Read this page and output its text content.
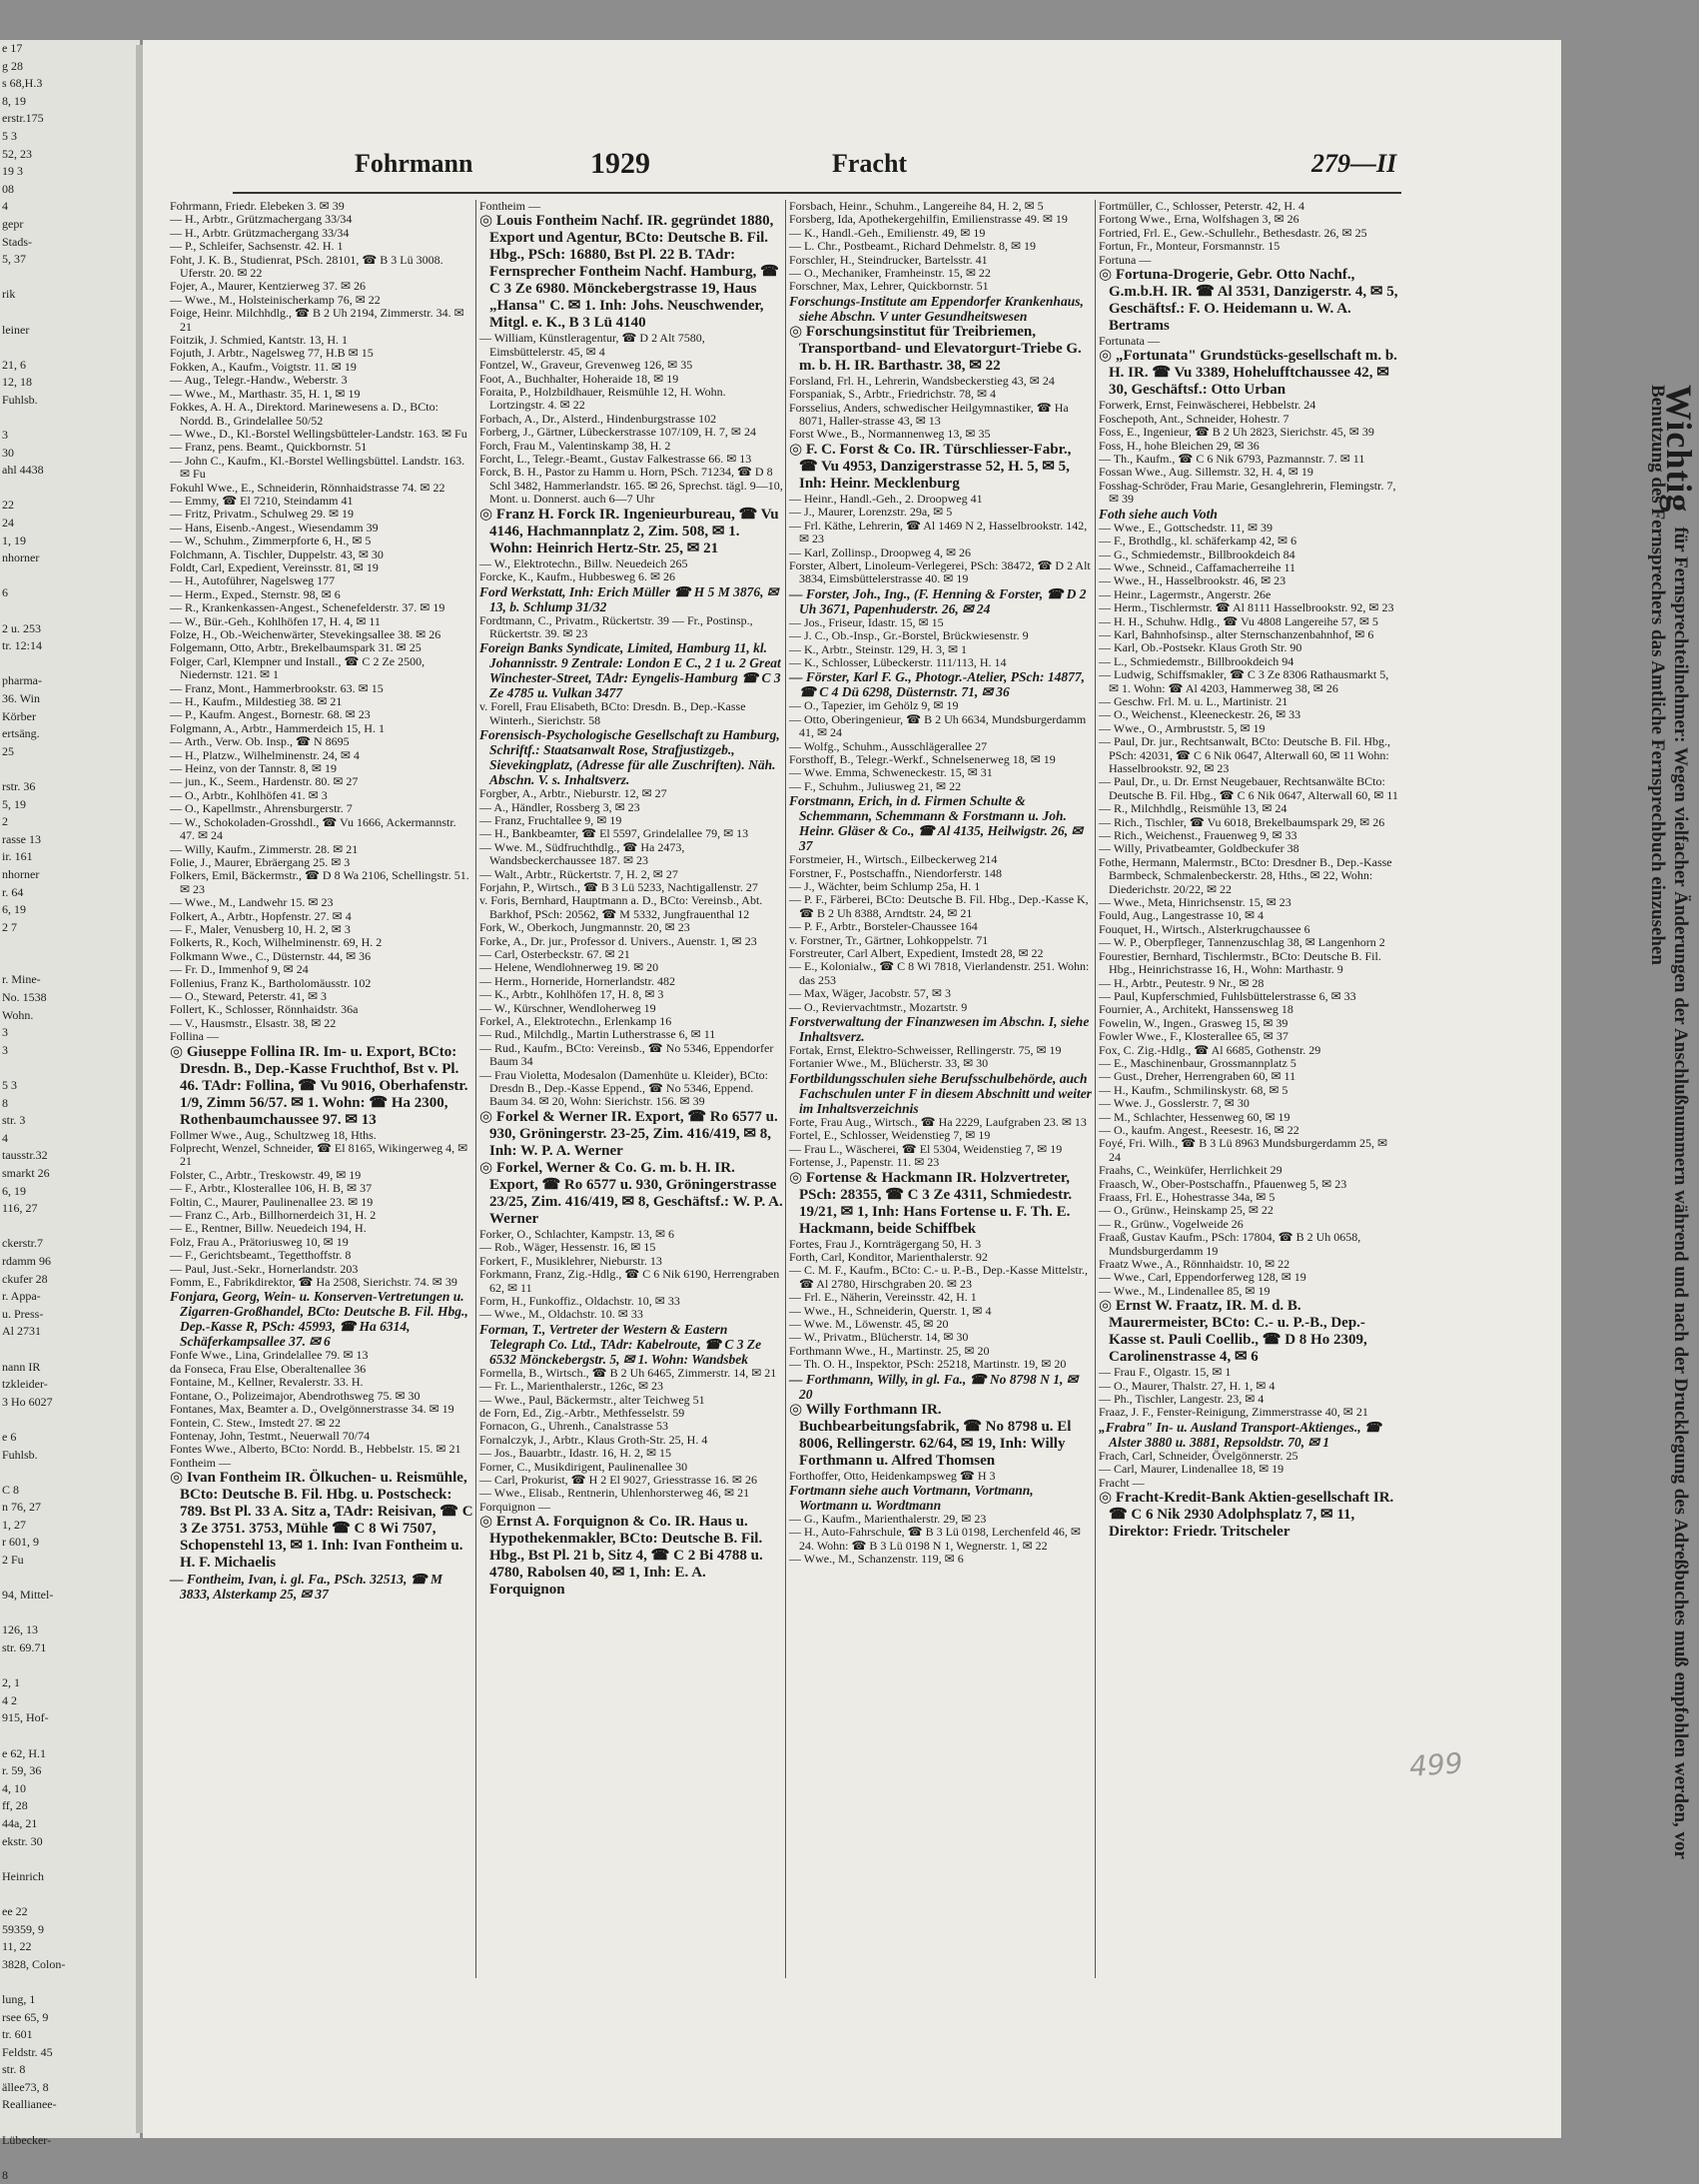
e 17
g 28
s 68,H.3
8, 19
erstr.175
5 3
52, 23
19 3
08
4
gepr
Stads-
5, 37

rik

leiner

21, 6
12, 18
Fuhlsb.

3
30
ahl 4438

22
24
1, 19
nhorner

6

2 u. 253
tr. 12:14

pharma-
36. Win
Körber
ertsäng.
25

rstr. 36
5, 19
2
rasse 13
ir. 161
nhorner
r. 64
6, 19
2 7

r. Mine-
No. 1538
Wohn.
3
3

5 3
8
str. 3
4
tausstr.32
smarkt 26
6, 19
116, 27

ckerstr.7
rdamm 96
ckufer 28
r. Appa-
u. Press-
Al 2731

nann IR
tzkleider-
3 Ho 6027

e 6
Fuhlsb.

C 8
n 76, 27
1, 27
r 601, 9
2 Fu

94, Mittel-

126, 13
str. 69.71

2, 1
4 2
915, Hof-

e 62, H.1
r. 59, 36
4, 10
ff, 28
44a, 21
ekstr. 30

Heinrich

ee 22
59359, 9
11, 22
3828, Colon-

lung, 1
rsee 65, 9
tr. 601
Feldstr. 45
str. 8
ällee73, 8
Reallianee-

Lübecker-

8
Fohrmann	1929	Fracht	279—II
Fohrmann, Friedr. Elebeken 3. ✉ 39
— H., Arbtr., Grützmachergang 33/34
— H., Arbtr. Grützmachergang 33/34
— P., Schleifer, Sachsenstr. 42. H. 1
Foht, J. K. B., Studienrat, PSch. 28101, ☎ B 3 Lü 3008. Uferstr. 20. ✉ 22
Fojer, A., Maurer, Kentzierweg 37. ✉ 26
— Wwe., M., Holsteinischerkamp 76, ✉ 22
Foige, Heinr. Milchhdlg., ☎ B 2 Uh 2194, Zimmerstr. 34. ✉ 21
Foitzik, J. Schmied, Kantstr. 13, H. 1
Fojuth, J. Arbtr., Nagelsweg 77, H.B ✉ 15
Fokken, A., Kaufm., Voigtstr. 11. ✉ 19
— Aug., Telegr.-Handw., Weberstr. 3
— Wwe., M., Marthastr. 35, H. 1, ✉ 19
Fokkes, A. H. A., Direktord. Marinewesens a. D., BCto: Nordd. B., Grindelallee 50/52
— Wwe., D., Kl.-Borstel Wellingsbütteler-Landstr. 163. ✉ Fu
— Franz, pens. Beamt., Quickbornstr. 51
— John C., Kaufm., Kl.-Borstel Wellingsbüttel. Landstr. 163. ✉ Fu
Fokuhl Wwe., E., Schneiderin, Rönnhaidstrasse 74. ✉ 22
— Emmy, ☎ El 7210, Steindamm 41
— Fritz, Privatm., Schulweg 29. ✉ 19
— Hans, Eisenb.-Angest., Wiesendamm 39
— W., Schuhm., Zimmerpforte 6, H., ✉ 5
Folchmann, A. Tischler, Duppelstr. 43, ✉ 30
Foldt, Carl, Expedient, Vereinsstr. 81, ✉ 19
— H., Autoführer, Nagelsweg 177
— Herm., Exped., Sternstr. 98, ✉ 6
— R., Krankenkassen-Angest., Schenefelderstr. 37. ✉ 19
— W., Bür.-Geh., Kohlhöfen 17, H. 4, ✉ 11
Folze, H., Ob.-Weichenwärter, Stevekingsallee 38. ✉ 26
Folgemann, Otto, Arbtr., Brekelbaumspark 31. ✉ 25
Folger, Carl, Klempner und Install., ☎ C 2 Ze 2500, Niedernstr. 121. ✉ 1
— Franz, Mont., Hammerbrookstr. 63. ✉ 15
— H., Kaufm., Mildestieg 38. ✉ 21
— P., Kaufm. Angest., Bornestr. 68. ✉ 23
Folgmann, A., Arbtr., Hammerdeich 15, H. 1
— Arth., Verw. Ob. Insp., ☎ N 8695
— H., Platzw., Wilhelminenstr. 24, ✉ 4
— Heinz, von der Tannstr. 8, ✉ 19
— jun., K., Seem., Hardenstr. 80. ✉ 27
— O., Arbtr., Kohlhöfen 41. ✉ 3
— O., Kapellmstr., Ahrensburgerstr. 7
— W., Schokoladen-Grosshdl., ☎ Vu 1666, Ackermannstr. 47. ✉ 24
— Willy, Kaufm., Zimmerstr. 28. ✉ 21
Folie, J., Maurer, Ebräergang 25. ✉ 3
Folkers, Emil, Bäckermstr., ☎ D 8 Wa 2106, Schellingstr. 51. ✉ 23
— Wwe., M., Landwehr 15. ✉ 23
Folkert, A., Arbtr., Hopfenstr. 27. ✉ 4
— F., Maler, Venusberg 10, H. 2, ✉ 3
Folkerts, R., Koch, Wilhelminenstr. 69, H. 2
Folkmann Wwe., C., Düsternstr. 44, ✉ 36
— Fr. D., Immenhof 9, ✉ 24
Follenius, Franz K., Bartholomäusstr. 102
— O., Steward, Peterstr. 41, ✉ 3
Follert, K., Schlosser, Rönnhaidstr. 36a
— V., Hausmstr., Elsastr. 38, ✉ 22
Follina —
◎ Giuseppe Follina IR. Im- u. Export, BCto: Dresdn. B., Dep.-Kasse Fruchthof, Bst v. Pl. 46. TAdr: Follina, ☎ Vu 9016, Oberhafenstr. 1/9, Zimm 56/57. ✉ 1. Wohn: ☎ Ha 2300, Rothenbaumchaussee 97. ✉ 13
Follmer Wwe., Aug., Schultzweg 18, Hths.
Folprecht, Wenzel, Schneider, ☎ El 8165, Wikingerweg 4, ✉ 21
Folster, C., Arbtr., Treskowstr. 49, ✉ 19
— F., Arbtr., Klosterallee 106, H. B, ✉ 37
Foltin, C., Maurer, Paulinenallee 23. ✉ 19
— Franz C., Arb., Billhornerdeich 31, H. 2
— E., Rentner, Billw. Neuedeich 194, H.
Folz, Frau A., Prätoriusweg 10, ✉ 19
— F., Gerichtsbeamt., Tegetthoffstr. 8
— Paul, Just.-Sekr., Hornerlandstr. 203
Fomm, E., Fabrikdirektor, ☎ Ha 2508, Sierichstr. 74. ✉ 39
Fonjara, Georg, Wein- u. Konserven-Vertretungen u. Zigarren-Großhandel, BCto: Deutsche B. Fil. Hbg., Dep.-Kasse R, PSch: 45993, ☎ Ha 6314, Schäferkampsallee 37. ✉ 6
Fonfe Wwe., Lina, Grindelallee 79. ✉ 13
da Fonseca, Frau Else, Oberaltenallee 36
Fontaine, M., Kellner, Revalerstr. 33. H.
Fontane, O., Polizeimajor, Abendrothsweg 75. ✉ 30
Fontanes, Max, Beamter a. D., Ovelgönnerstrasse 34. ✉ 19
Fontein, C. Stew., Imstedt 27. ✉ 22
Fontenay, John, Testmt., Neuerwall 70/74
Fontes Wwe., Alberto, BCto: Nordd. B., Hebbelstr. 15. ✉ 21
Fontheim —
◎ Ivan Fontheim IR. Ölkuchen- u. Reismühle, BCto: Deutsche B. Fil. Hbg. u. Postscheck: 789. Bst Pl. 33 A. Sitz a, TAdr: Reisivan, ☎ C 3 Ze 3751. 3753, Mühle ☎ C 8 Wi 7507, Schopenstehl 13, ✉ 1. Inh: Ivan Fontheim u. H. F. Michaelis
— Fontheim, Ivan, i. gl. Fa., PSch. 32513, ☎ M 3833, Alsterkamp 25, ✉ 37
Fontheim —
◎ Louis Fontheim Nachf. IR. gegründet 1880, Export und Agentur, BCto: Deutsche B. Fil. Hbg., PSch: 16880, Bst Pl. 22 B. TAdr: Fernsprecher Fontheim Nachf. Hamburg, ☎ C 3 Ze 6980. Mönckebergstrasse 19, Haus „Hansa" C. ✉ 1. Inh: Johs. Neuschwender, Mitgl. e. K., B 3 Lü 4140
— William, Künstleragentur, ☎ D 2 Alt 7580, Eimsbüttelerstr. 45, ✉ 4
Fontzel, W., Graveur, Grevenweg 126, ✉ 35
Foot, A., Buchhalter, Hoheraide 18, ✉ 19
Foraita, P., Holzbildhauer, Reismühle 12, H. Wohn. Lortzingstr. 4. ✉ 22
Forbach, A., Dr., Alsterd., Hindenburgstrasse 102
Forberg, J., Gärtner, Lübeckerstrasse 107/109, H. 7, ✉ 24
Forch, Frau M., Valentinskamp 38, H. 2
Forcht, L., Telegr.-Beamt., Gustav Falkestrasse 66. ✉ 13
Forck, B. H., Pastor zu Hamm u. Horn, PSch. 71234, ☎ D 8 Schl 3482, Hammerlandstr. 165. ✉ 26, Sprechst. tägl. 9—10, Mont. u. Donnerst. auch 6—7 Uhr
◎ Franz H. Forck IR. Ingenieurbureau, ☎ Vu 4146, Hachmannplatz 2, Zim. 508, ✉ 1. Wohn: Heinrich Hertz-Str. 25, ✉ 21
— W., Elektrotechn., Billw. Neuedeich 265
Forcke, K., Kaufm., Hubbesweg 6. ✉ 26
Ford Werkstatt, Inh: Erich Müller ☎ H 5 M 3876, ✉ 13, b. Schlump 31/32
Fordtmann, C., Privatm., Rückertstr. 39 — Fr., Postinsp., Rückertstr. 39. ✉ 23
Foreign Banks Syndicate, Limited, Hamburg 11, kl. Johannisstr. 9 Zentrale: London E C., 2 1 u. 2 Great Winchester-Street, TAdr: Eyngelis-Hamburg ☎ C 3 Ze 4785 u. Vulkan 3477
v. Forell, Frau Elisabeth, BCto: Dresdn. B., Dep.-Kasse Winterh., Sierichstr. 58
Forensisch-Psychologische Gesellschaft zu Hamburg, Schriftf.: Staatsanwalt Rose, Strafjustizgeb., Sievekingplatz, (Adresse für alle Zuschriften). Näh. Abschn. V. s. Inhaltsverz.
Forgber, A., Arbtr., Nieburstr. 12, ✉ 27
— A., Händler, Rossberg 3, ✉ 23
— Franz, Fruchtallee 9, ✉ 19
— H., Bankbeamter, ☎ El 5597, Grindelallee 79, ✉ 13
— Wwe. M., Südfruchthdlg., ☎ Ha 2473, Wandsbeckerchaussee 187. ✉ 23
— Walt., Arbtr., Rückertstr. 7, H. 2, ✉ 27
Forjahn, P., Wirtsch., ☎ B 3 Lü 5233, Nachtigallenstr. 27
v. Foris, Bernhard, Hauptmann a. D., BCto: Vereinsb., Abt. Barkhof, PSch: 20562, ☎ M 5332, Jungfrauenthal 12
Fork, W., Oberkoch, Jungmannstr. 20, ✉ 23
Forke, A., Dr. jur., Professor d. Univers., Auenstr. 1, ✉ 23
— Carl, Osterbeckstr. 67. ✉ 21
— Helene, Wendlohnerweg 19. ✉ 20
— Herm., Horneride, Hornerlandstr. 482
— K., Arbtr., Kohlhöfen 17, H. 8, ✉ 3
— W., Kürschner, Wendloherweg 19
Forkel, A., Elektrotechn., Erlenkamp 16
— Rud., Milchdlg., Martin Lutherstrasse 6, ✉ 11
— Rud., Kaufm., BCto: Vereinsb., ☎ No 5346, Eppendorfer Baum 34
— Frau Violetta, Modesalon (Damenhüte u. Kleider), BCto: Dresdn B., Dep.-Kasse Eppend., ☎ No 5346, Eppend. Baum 34. ✉ 20, Wohn: Sierichstr. 156. ✉ 39
◎ Forkel & Werner IR. Export, ☎ Ro 6577 u. 930, Gröningerstr. 23-25, Zim. 416/419, ✉ 8, Inh: W. P. A. Werner
◎ Forkel, Werner & Co. G. m. b. H. IR. Export, ☎ Ro 6577 u. 930, Gröningerstrasse 23/25, Zim. 416/419, ✉ 8, Geschäftsf.: W. P. A. Werner
Forker, O., Schlachter, Kampstr. 13, ✉ 6
— Rob., Wäger, Hessenstr. 16, ✉ 15
Forkert, F., Musiklehrer, Nieburstr. 13
Forkmann, Franz, Zig.-Hdlg., ☎ C 6 Nik 6190, Herrengraben 62, ✉ 11
Form, H., Funkoffiz., Oldachstr. 10, ✉ 33
— Wwe., M., Oldachstr. 10. ✉ 33
Forman, T., Vertreter der Western & Eastern Telegraph Co. Ltd., TAdr: Kabelroute, ☎ C 3 Ze 6532 Mönckebergstr. 5, ✉ 1. Wohn: Wandsbek
Formella, B., Wirtsch., ☎ B 2 Uh 6465, Zimmerstr. 14, ✉ 21
— Fr. L., Marienthalerstr., 126c, ✉ 23
— Wwe., Paul, Bäckermstr., alter Teichweg 51
de Forn, Ed., Zig.-Arbtr., Methfesselstr. 59
Fornacon, G., Uhrenh., Canalstrasse 53
Fornalczyk, J., Arbtr., Klaus Groth-Str. 25, H. 4
— Jos., Bauarbtr., Idastr. 16, H. 2, ✉ 15
Forner, C., Musikdirigent, Paulinenallee 30
— Carl, Prokurist, ☎ H 2 El 9027, Griesstrasse 16. ✉ 26
— Wwe., Elisab., Rentnerin, Uhlenhorsterweg 46, ✉ 21
Forquignon —
◎ Ernst A. Forquignon & Co. IR. Haus u. Hypothekenmakler, BCto: Deutsche B. Fil. Hbg., Bst Pl. 21 b, Sitz 4, ☎ C 2 Bi 4788 u. 4780, Rabolsen 40, ✉ 1, Inh: E. A. Forquignon
Forsbach, Heinr., Schuhm., Langereihe 84, H. 2, ✉ 5
Forsberg, Ida, Apothekergehilfin, Emilienstrasse 49. ✉ 19
— K., Handl.-Geh., Emilienstr. 49, ✉ 19
— L. Chr., Postbeamt., Richard Dehmelstr. 8, ✉ 19
Forschler, H., Steindrucker, Bartelsstr. 41
— O., Mechaniker, Framheinstr. 15, ✉ 22
Forschner, Max, Lehrer, Quickbornstr. 51
Forschungs-Institute am Eppendorfer Krankenhaus, siehe Abschn. V unter Gesundheitswesen
◎ Forschungsinstitut für Treibriemen, Transportband- und Elevatorgurt-Triebe G. m. b. H. IR. Barthastr. 38, ✉ 22
Forsland, Frl. H., Lehrerin, Wandsbeckerstieg 43, ✉ 24
Forspaniak, S., Arbtr., Friedrichstr. 78, ✉ 4
Forsselius, Anders, schwedischer Heilgymnastiker, ☎ Ha 8071, Haller-strasse 43, ✉ 13
Forst Wwe., B., Normannenweg 13, ✉ 35
◎ F. C. Forst & Co. IR. Türschliesser-Fabr., ☎ Vu 4953, Danzigerstrasse 52, H. 5, ✉ 5, Inh: Heinr. Mecklenburg
— Heinr., Handl.-Geh., 2. Droopweg 41
— J., Maurer, Lorenzstr. 29a, ✉ 5
— Frl. Käthe, Lehrerin, ☎ Al 1469 N 2, Hasselbrookstr. 142, ✉ 23
— Karl, Zollinsp., Droopweg 4, ✉ 26
Forster, Albert, Linoleum-Verlegerei, PSch: 38472, ☎ D 2 Alt 3834, Eimsbüttelerstrasse 40. ✉ 19
— Forster, Joh., Ing., (F. Henning & Forster, ☎ D 2 Uh 3671, Papenhuderstr. 26, ✉ 24
— Jos., Friseur, Idastr. 15, ✉ 15
— J. C., Ob.-Insp., Gr.-Borstel, Brückwiesenstr. 9
— K., Arbtr., Steinstr. 129, H. 3, ✉ 1
— K., Schlosser, Lübeckerstr. 111/113, H. 14
— Förster, Karl F. G., Photogr.-Atelier, PSch: 14877, ☎ C 4 Dü 6298, Düsternstr. 71, ✉ 36
— O., Tapezier, im Gehölz 9, ✉ 19
— Otto, Oberingenieur, ☎ B 2 Uh 6634, Mundsburgerdamm 41, ✉ 24
— Wolfg., Schuhm., Ausschlägerallee 27
Forsthoff, B., Telegr.-Werkf., Schnelsenerweg 18, ✉ 19
— Wwe. Emma, Schweneckestr. 15, ✉ 31
— F., Schuhm., Juliusweg 21, ✉ 22
Forstmann, Erich, in d. Firmen Schulte & Schemmann, Schemmann & Forstmann u. Joh. Heinr. Gläser & Co., ☎ Al 4135, Heilwigstr. 26, ✉ 37
Forstmeier, H., Wirtsch., Eilbeckerweg 214
Forstner, F., Postschaffn., Niendorferstr. 148
— J., Wächter, beim Schlump 25a, H. 1
— P. F., Färberei, BCto: Deutsche B. Fil. Hbg., Dep.-Kasse K, ☎ B 2 Uh 8388, Arndtstr. 24, ✉ 21
— P. F., Arbtr., Borsteler-Chaussee 164
v. Forstner, Tr., Gärtner, Lohkoppelstr. 71
Forstreuter, Carl Albert, Expedient, Imstedt 28, ✉ 22
— E., Kolonialw., ☎ C 8 Wi 7818, Vierlandenstr. 251. Wohn: das 253
— Max, Wäger, Jacobstr. 57, ✉ 3
— O., Reviervachtmstr., Mozartstr. 9
Forstverwaltung der Finanzwesen im Abschn. I, siehe Inhaltsverz.
Fortak, Ernst, Elektro-Schweisser, Rellingerstr. 75, ✉ 19
Fortanier Wwe., M., Blücherstr. 33, ✉ 30
Fortbildungsschulen siehe Berufsschulbehörde, auch Fachschulen unter F in diesem Abschnitt und weiter im Inhaltsverzeichnis
Forte, Frau Aug., Wirtsch., ☎ Ha 2229, Laufgraben 23. ✉ 13
Fortel, E., Schlosser, Weidenstieg 7, ✉ 19
— Frau L., Wäscherei, ☎ El 5304, Weidenstieg 7, ✉ 19
Fortense, J., Papenstr. 11. ✉ 23
◎ Fortense & Hackmann IR. Holzvertreter, PSch: 28355, ☎ C 3 Ze 4311, Schmiedestr. 19/21, ✉ 1, Inh: Hans Fortense u. F. Th. E. Hackmann, beide Schiffbek
Fortes, Frau J., Kornträgergang 50, H. 3
Forth, Carl, Konditor, Marienthalerstr. 92
— C. M. F., Kaufm., BCto: C.- u. P.-B., Dep.-Kasse Mittelstr., ☎ Al 2780, Hirschgraben 20. ✉ 23
— Frl. E., Näherin, Vereinsstr. 42, H. 1
— Wwe., H., Schneiderin, Querstr. 1, ✉ 4
— Wwe. M., Löwenstr. 45, ✉ 20
— W., Privatm., Blücherstr. 14, ✉ 30
Forthmann Wwe., H., Martinstr. 25, ✉ 20
— Th. O. H., Inspektor, PSch: 25218, Martinstr. 19, ✉ 20
— Forthmann, Willy, in gl. Fa., ☎ No 8798 N 1, ✉ 20
◎ Willy Forthmann IR. Buchbearbeitungsfabrik, ☎ No 8798 u. El 8006, Rellingerstr. 62/64, ✉ 19, Inh: Willy Forthmann u. Alfred Thomsen
Forthoffer, Otto, Heidenkampsweg ☎ H 3
Fortmann siehe auch Vortmann, Vortmann, Wortmann u. Wordtmann
— G., Kaufm., Marienthalerstr. 29, ✉ 23
— H., Auto-Fahrschule, ☎ B 3 Lü 0198, Lerchenfeld 46, ✉ 24. Wohn: ☎ B 3 Lü 0198 N 1, Wegnerstr. 1, ✉ 22
— Wwe., M., Schanzenstr. 119, ✉ 6
Fortmüller, C., Schlosser, Peterstr. 42, H. 4
Fortong Wwe., Erna, Wolfshagen 3, ✉ 26
Fortried, Frl. E., Gew.-Schullehr., Bethesdastr. 26, ✉ 25
Fortun, Fr., Monteur, Forsmannstr. 15
Fortuna —
◎ Fortuna-Drogerie, Gebr. Otto Nachf., G.m.b.H. IR. ☎ Al 3531, Danzigerstr. 4, ✉ 5, Geschäftsf.: F. O. Heidemann u. W. A. Bertrams
Fortunata —
◎ „Fortunata" Grundstücks-gesellschaft m. b. H. IR. ☎ Vu 3389, Hohelufftchaussee 42, ✉ 30, Geschäftsf.: Otto Urban
Forwerk, Ernst, Feinwäscherei, Hebbelstr. 24
Foschepoth, Ant., Schneider, Hohestr. 7
Foss, E., Ingenieur, ☎ B 2 Uh 2823, Sierichstr. 45, ✉ 39
Foss, H., hohe Bleichen 29, ✉ 36
— Th., Kaufm., ☎ C 6 Nik 6793, Pazmannstr. 7. ✉ 11
Fossan Wwe., Aug. Sillemstr. 32, H. 4, ✉ 19
Fosshag-Schröder, Frau Marie, Gesanglehrerin, Flemingstr. 7, ✉ 39
Foth siehe auch Voth
— Wwe., E., Gottschedstr. 11, ✉ 39
— F., Brothdlg., kl. schäferkamp 42, ✉ 6
— G., Schmiedemstr., Billbrookdeich 84
— Wwe., Schneid., Caffamacherreihe 11
— Wwe., H., Hasselbrookstr. 46, ✉ 23
— Heinr., Lagermstr., Angerstr. 26e
— Herm., Tischlermstr. ☎ Al 8111 Hasselbrookstr. 92, ✉ 23
— H. H., Schuhw. Hdlg., ☎ Vu 4808 Langereihe 57, ✉ 5
— Karl, Bahnhofsinsp., alter Sternschanzenbahnhof, ✉ 6
— Karl, Ob.-Postsekr. Klaus Groth Str. 90
— L., Schmiedemstr., Billbrookdeich 94
— Ludwig, Schiffsmakler, ☎ C 3 Ze 8306 Rathausmarkt 5, ✉ 1. Wohn: ☎ Al 4203, Hammerweg 38, ✉ 26
— Geschw. Frl. M. u. L., Martinistr. 21
— O., Weichenst., Kleeneckestr. 26, ✉ 33
— Wwe., O., Armbruststr. 5, ✉ 19
— Paul, Dr. jur., Rechtsanwalt, BCto: Deutsche B. Fil. Hbg., PSch: 42031, ☎ C 6 Nik 0647, Alterwall 60, ✉ 11 Wohn: Hasselbrookstr. 92, ✉ 23
— Paul, Dr., u. Dr. Ernst Neugebauer, Rechtsanwälte BCto: Deutsche B. Fil. Hbg., ☎ C 6 Nik 0647, Alterwall 60, ✉ 11
— R., Milchhdlg., Reismühle 13, ✉ 24
— Rich., Tischler, ☎ Vu 6018, Brekelbaumspark 29, ✉ 26
— Rich., Weichenst., Frauenweg 9, ✉ 33
— Willy, Privatbeamter, Goldbeckufer 38
Fothe, Hermann, Malermstr., BCto: Dresdner B., Dep.-Kasse Barmbeck, Schmalenbeckerstr. 28, Hths., ✉ 22, Wohn: Diederichstr. 20/22, ✉ 22
— Wwe., Meta, Hinrichsenstr. 15, ✉ 23
Fould, Aug., Langestrasse 10, ✉ 4
Fouquet, H., Wirtsch., Alsterkrugchaussee 6
— W. P., Oberpfleger, Tannenzuschlag 38, ✉ Langenhorn 2
Fourestier, Bernhard, Tischlermstr., BCto: Deutsche B. Fil. Hbg., Heinrichstrasse 16, H., Wohn: Marthastr. 9
— H., Arbtr., Peutestr. 9 Nr., ✉ 28
— Paul, Kupferschmied, Fuhlsbüttelerstrasse 6, ✉ 33
Fournier, A., Architekt, Hanssensweg 18
Fowelin, W., Ingen., Grasweg 15, ✉ 39
Fowler Wwe., F., Klosterallee 65, ✉ 37
Fox, C. Zig.-Hdlg., ☎ Al 6685, Gothenstr. 29
— E., Maschinenbaur, Grossmannplatz 5
— Gust., Dreher, Herrengraben 60, ✉ 11
— H., Kaufm., Schmilinskystr. 68, ✉ 5
— Wwe. J., Gosslerstr. 7, ✉ 30
— M., Schlachter, Hessenweg 60, ✉ 19
— O., kaufm. Angest., Reesestr. 16, ✉ 22
Foyé, Fri. Wilh., ☎ B 3 Lü 8963 Mundsburgerdamm 25, ✉ 24
Fraahs, C., Weinküfer, Herrlichkeit 29
Fraasch, W., Ober-Postschaffn., Pfauenweg 5, ✉ 23
Fraass, Frl. E., Hohestrasse 34a, ✉ 5
— O., Grünw., Heinskamp 25, ✉ 22
— R., Grünw., Vogelweide 26
Fraaß, Gustav Kaufm., PSch: 17804, ☎ B 2 Uh 0658, Mundsburgerdamm 19
Fraatz Wwe., A., Rönnhaidstr. 10, ✉ 22
— Wwe., Carl, Eppendorferweg 128, ✉ 19
— Wwe., M., Lindenallee 85, ✉ 19
◎ Ernst W. Fraatz, IR. M. d. B. Maurermeister, BCto: C.- u. P.-B., Dep.-Kasse st. Pauli Coellib., ☎ D 8 Ho 2309, Carolinenstrasse 4, ✉ 6
— Frau F., Olgastr. 15, ✉ 1
— O., Maurer, Thalstr. 27, H. 1, ✉ 4
— Ph., Tischler, Langestr. 23, ✉ 4
Fraaz, J. F., Fenster-Reinigung, Zimmerstrasse 40, ✉ 21
„Frabra" In- u. Ausland Transport-Aktienges., ☎ Alster 3880 u. 3881, Repsoldstr. 70, ✉ 1
Frach, Carl, Schneider, Övelgönnerstr. 25
— Carl, Maurer, Lindenallee 18, ✉ 19
Fracht —
◎ Fracht-Kredit-Bank Aktien-gesellschaft IR. ☎ C 6 Nik 2930 Adolphsplatz 7, ✉ 11, Direktor: Friedr. Tritscheler
Wichtigfür Fernsprechteilnehmer: Wegen vielfacher Änderungen der Anschlußnummern während und nach der Drucklegung des Adreßbuches muß empfohlen werden, vor Benutzung des Fernsprechers das Amtliche Fernsprechbuch einzusehen
499
